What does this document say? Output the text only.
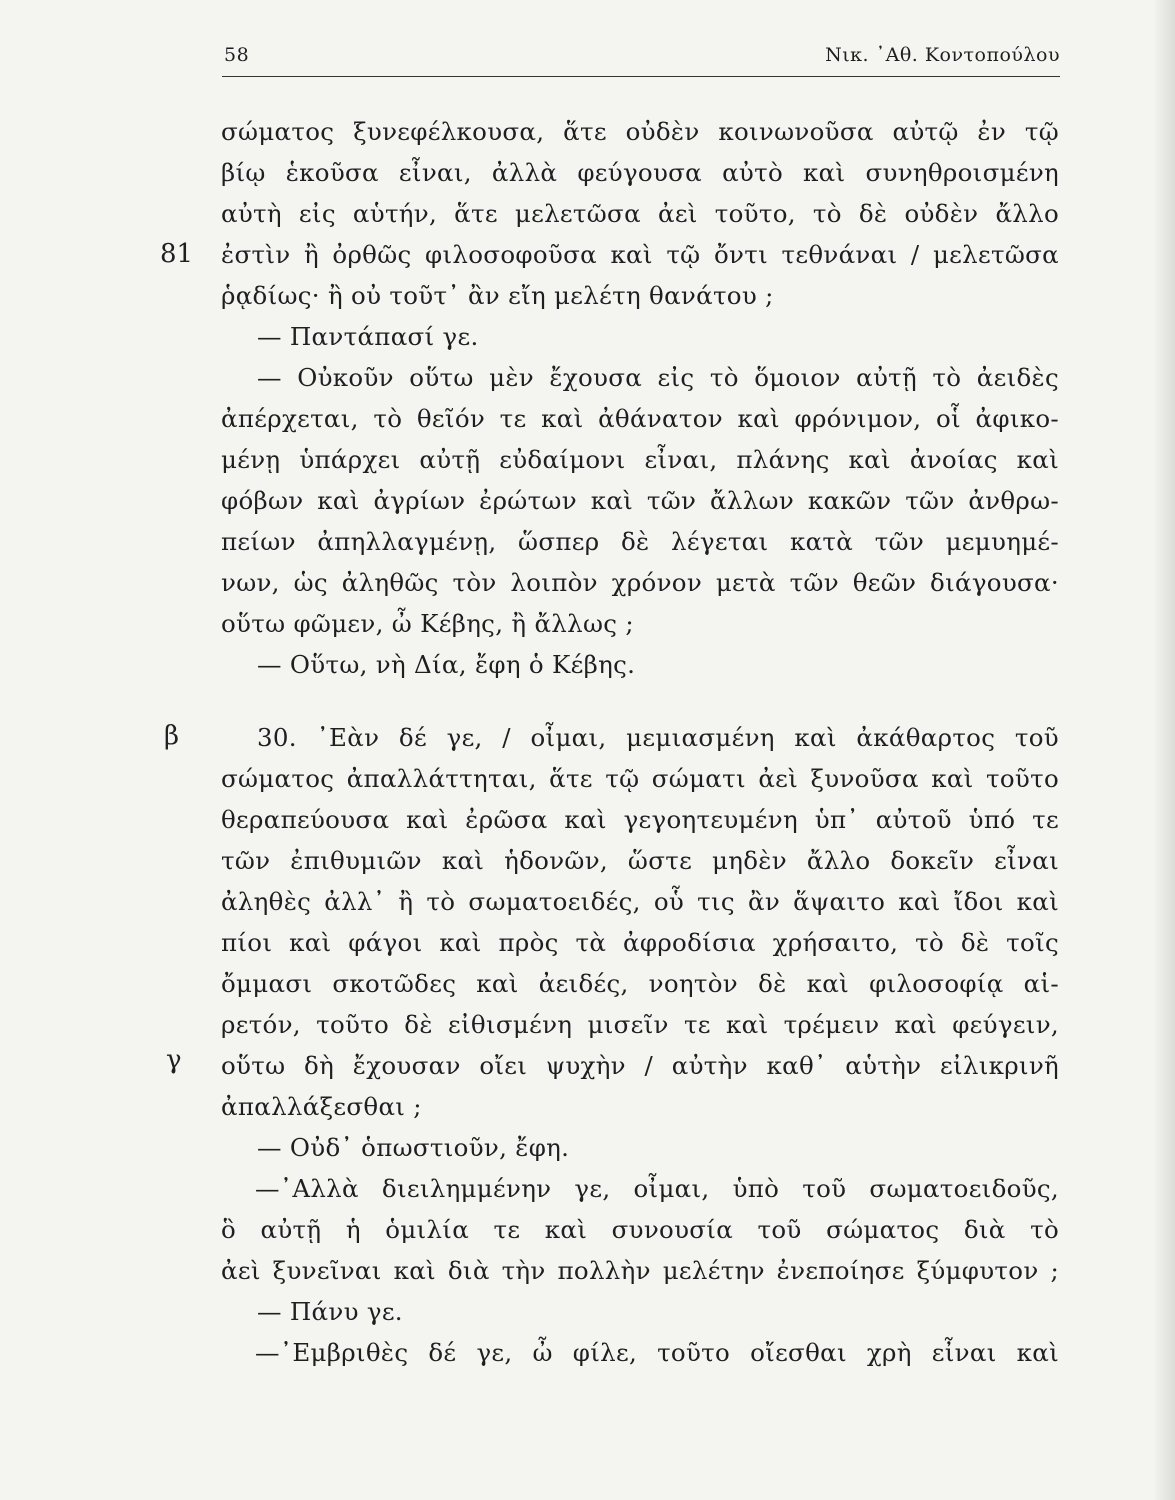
58	Νικ. ᾿Αθ. Κοντοπούλου
81
β
γ
σώματος ξυνεφέλκουσα, ἅτε οὐδὲν κοινωνοῦσα αὐτῷ ἐν τῷ
βίῳ ἑκοῦσα εἶναι, ἀλλὰ φεύγουσα αὐτὸ καὶ συνηθροισμένη
αὐτὴ εἰς αὑτήν, ἅτε μελετῶσα ἀεὶ τοῦτο, τὸ δὲ οὐδὲν ἄλλο
ἐστὶν ἢ ὀρθῶς φιλοσοφοῦσα καὶ τῷ ὄντι τεθνάναι / μελετῶσα
ῥᾳδίως· ἢ οὐ τοῦτ᾿ ἂν εἴη μελέτη θανάτου ;
— Παντάπασί γε.
— Οὐκοῦν οὕτω μὲν ἔχουσα εἰς τὸ ὅμοιον αὐτῇ τὸ ἀειδὲς
ἀπέρχεται, τὸ θεῖόν τε καὶ ἀθάνατον καὶ φρόνιμον, οἷ ἀφικο-
μένῃ ὑπάρχει αὐτῇ εὐδαίμονι εἶναι, πλάνης καὶ ἀνοίας καὶ
φόβων καὶ ἀγρίων ἐρώτων καὶ τῶν ἄλλων κακῶν τῶν ἀνθρω-
πείων ἀπηλλαγμένῃ, ὥσπερ δὲ λέγεται κατὰ τῶν μεμυημέ-
νων, ὡς ἀληθῶς τὸν λοιπὸν χρόνον μετὰ τῶν θεῶν διάγουσα·
οὕτω φῶμεν, ὦ Κέβης, ἢ ἄλλως ;
— Οὕτω, νὴ Δία, ἔφη ὁ Κέβης.
30. ᾿Εὰν δέ γε, / οἶμαι, μεμιασμένη καὶ ἀκάθαρτος τοῦ
σώματος ἀπαλλάττηται, ἅτε τῷ σώματι ἀεὶ ξυνοῦσα καὶ τοῦτο
θεραπεύουσα καὶ ἐρῶσα καὶ γεγοητευμένη ὑπ᾿ αὐτοῦ ὑπό τε
τῶν ἐπιθυμιῶν καὶ ἡδονῶν, ὥστε μηδὲν ἄλλο δοκεῖν εἶναι
ἀληθὲς ἀλλ᾿ ἢ τὸ σωματοειδές, οὗ τις ἂν ἅψαιτο καὶ ἴδοι καὶ
πίοι καὶ φάγοι καὶ πρὸς τὰ ἀφροδίσια χρήσαιτο, τὸ δὲ τοῖς
ὄμμασι σκοτῶδες καὶ ἀειδές, νοητὸν δὲ καὶ φιλοσοφίᾳ αἱ-
ρετόν, τοῦτο δὲ εἰθισμένη μισεῖν τε καὶ τρέμειν καὶ φεύγειν,
οὕτω δὴ ἔχουσαν οἴει ψυχὴν / αὐτὴν καθ᾿ αὑτὴν εἰλικρινῆ
ἀπαλλάξεσθαι ;
— Οὐδ᾿ ὁπωστιοῦν, ἔφη.
—᾿Αλλὰ διειλημμένην γε, οἶμαι, ὑπὸ τοῦ σωματοειδοῦς,
ὃ αὐτῇ ἡ ὁμιλία τε καὶ συνουσία τοῦ σώματος διὰ τὸ
ἀεὶ ξυνεῖναι καὶ διὰ τὴν πολλὴν μελέτην ἐνεποίησε ξύμφυτον ;
— Πάνυ γε.
—᾿Εμβριθὲς δέ γε, ὦ φίλε, τοῦτο οἴεσθαι χρὴ εἶναι καὶ
